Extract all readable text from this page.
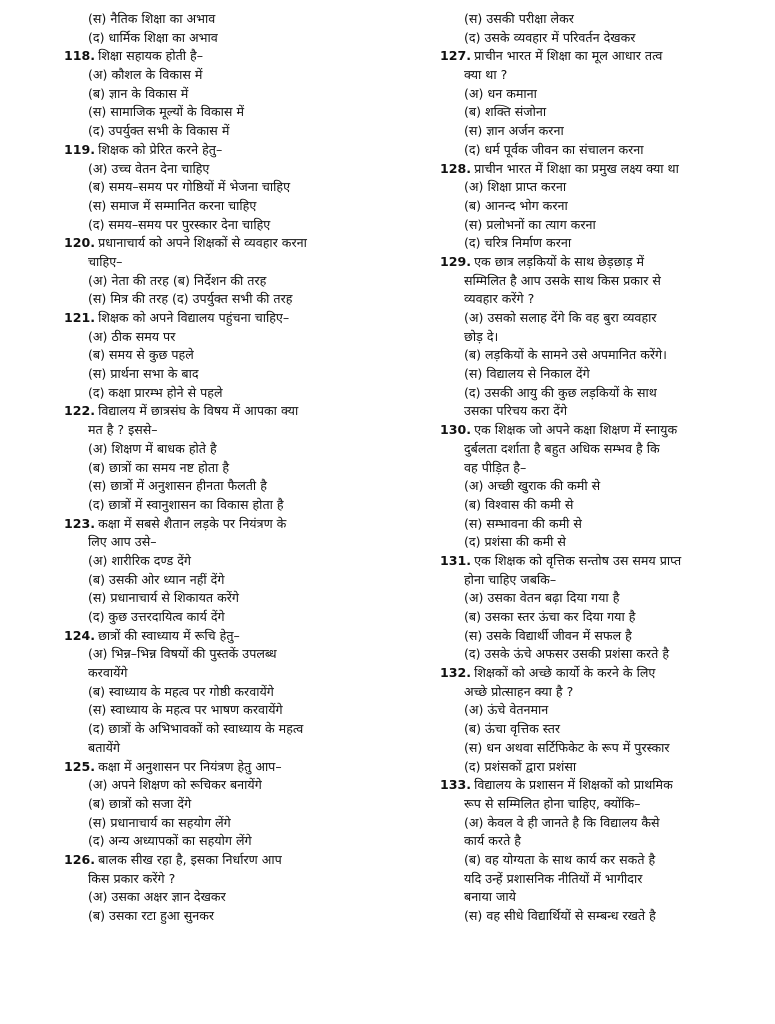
(स) नैतिक शिक्षा का अभाव
(द) धार्मिक शिक्षा का अभाव
118. शिक्षा सहायक होती है–
(अ) कौशल के विकास में
(ब) ज्ञान के विकास में
(स) सामाजिक मूल्यों के विकास में
(द) उपर्युक्त सभी के विकास में
119. शिक्षक को प्रेरित करने हेतु–
(अ) उच्च वेतन देना चाहिए
(ब) समय–समय पर गोष्ठियों में भेजना चाहिए
(स) समाज में सम्मानित करना चाहिए
(द) समय–समय पर पुरस्कार देना चाहिए
120. प्रधानाचार्य को अपने शिक्षकों से व्यवहार करना
चाहिए–
(अ) नेता की तरह (ब) निर्देशन की तरह
(स) मित्र की तरह (द) उपर्युक्त सभी की तरह
121. शिक्षक को अपने विद्यालय पहुंचना चाहिए–
(अ) ठीक समय पर
(ब) समय से कुछ पहले
(स) प्रार्थना सभा के बाद
(द) कक्षा प्रारम्भ होने से पहले
122. विद्यालय में छात्रसंघ के विषय में आपका क्या
मत है ? इससे–
(अ) शिक्षण में बाधक होते है
(ब) छात्रों का समय नष्ट होता है
(स) छात्रों में अनुशासन हीनता फैलती है
(द) छात्रों में स्वानुशासन का विकास होता है
123. कक्षा में सबसे शैतान लड़के पर नियंत्रण के
लिए आप उसे–
(अ) शारीरिक दण्ड देंगे
(ब) उसकी ओर ध्यान नहीं देंगे
(स) प्रधानाचार्य से शिकायत करेंगे
(द) कुछ उत्तरदायित्व कार्य देंगे
124. छात्रों की स्वाध्याय में रूचि हेतु–
(अ) भिन्न–भिन्न विषयों की पुस्तकें उपलब्ध
करवायेंगे
(ब) स्वाध्याय के महत्व पर गोष्ठी करवायेंगे
(स) स्वाध्याय के महत्व पर भाषण करवायेंगे
(द) छात्रों के अभिभावकों को स्वाध्याय के महत्व
बतायेंगे
125. कक्षा में अनुशासन पर नियंत्रण हेतु आप–
(अ) अपने शिक्षण को रूचिकर बनायेंगे
(ब) छात्रों को सजा देंगे
(स) प्रधानाचार्य का सहयोग लेंगे
(द) अन्य अध्यापकों का सहयोग लेंगे
126. बालक सीख रहा है, इसका निर्धारण आप
किस प्रकार करेंगे ?
(अ) उसका अक्षर ज्ञान देखकर
(ब) उसका रटा हुआ सुनकर
(स) उसकी परीक्षा लेकर
(द) उसके व्यवहार में परिवर्तन देखकर
127. प्राचीन भारत में शिक्षा का मूल आधार तत्व
क्या था ?
(अ) धन कमाना
(ब) शक्ति संजोना
(स) ज्ञान अर्जन करना
(द) धर्म पूर्वक जीवन का संचालन करना
128. प्राचीन भारत में शिक्षा का प्रमुख लक्ष्य क्या था
(अ) शिक्षा प्राप्त करना
(ब) आनन्द भोग करना
(स) प्रलोभनों का त्याग करना
(द) चरित्र निर्माण करना
129. एक छात्र लड़कियों के साथ छेड़छाड़ में
सम्मिलित है आप उसके साथ किस प्रकार से
व्यवहार करेंगे ?
(अ) उसको सलाह देंगे कि वह बुरा व्यवहार
छोड़ दे।
(ब) लड़कियों के सामने उसे अपमानित करेंगे।
(स) विद्यालय से निकाल देंगे
(द) उसकी आयु की कुछ लड़कियों के साथ
उसका परिचय करा देंगे
130. एक शिक्षक जो अपने कक्षा शिक्षण में स्नायुक
दुर्बलता दर्शाता है बहुत अधिक सम्भव है कि
वह पीड़ित है–
(अ) अच्छी खुराक की कमी से
(ब) विश्वास की कमी से
(स) सम्भावना की कमी से
(द) प्रशंसा की कमी से
131. एक शिक्षक को वृत्तिक सन्तोष उस समय प्राप्त
होना चाहिए जबकि–
(अ) उसका वेतन बढ़ा दिया गया है
(ब) उसका स्तर ऊंचा कर दिया गया है
(स) उसके विद्यार्थी जीवन में सफल है
(द) उसके ऊंचे अफसर उसकी प्रशंसा करते है
132. शिक्षकों को अच्छे कार्यो के करने के लिए
अच्छे प्रोत्साहन क्या है ?
(अ) ऊंचे वेतनमान
(ब) ऊंचा वृत्तिक स्तर
(स) धन अथवा सर्टिफिकेट के रूप में पुरस्कार
(द) प्रशंसकों द्वारा प्रशंसा
133. विद्यालय के प्रशासन में शिक्षकों को प्राथमिक
रूप से सम्मिलित होना चाहिए, क्योंकि–
(अ) केवल वे ही जानते है कि विद्यालय कैसे
कार्य करते है
(ब) वह योग्यता के साथ कार्य कर सकते है
यदि उन्हें प्रशासनिक नीतियों में भागीदार
बनाया जाये
(स) वह सीधे विद्यार्थियों से सम्बन्ध रखते है
